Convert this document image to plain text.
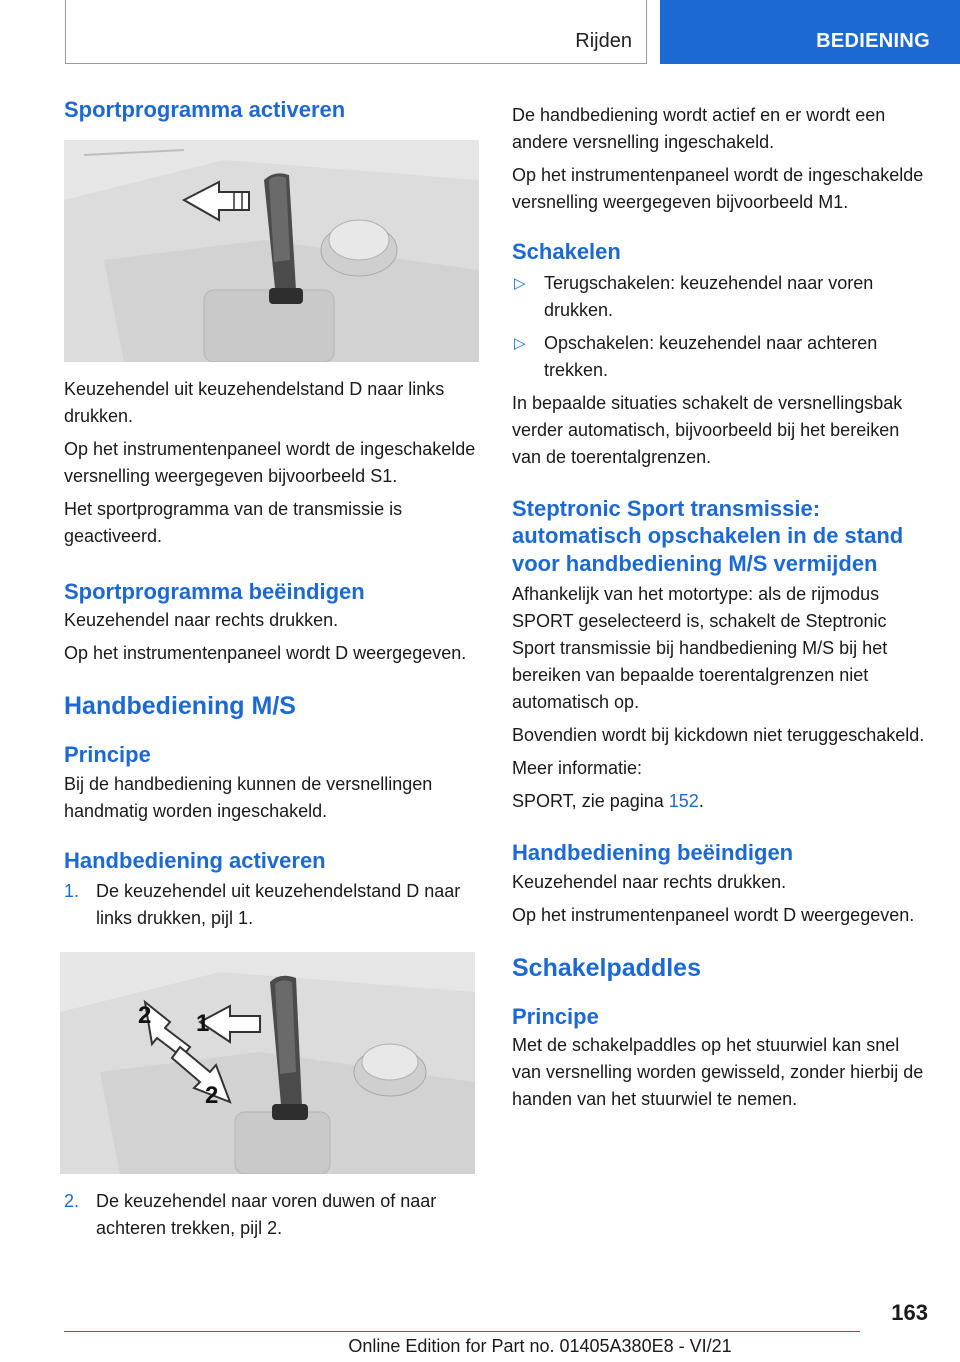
Rijden	BEDIENING
Sportprogramma activeren

Keuzehendel uit keuzehendelstand D naar links drukken.

Op het instrumentenpaneel wordt de ingeschakelde versnelling weergegeven bijvoorbeeld S1.

Het sportprogramma van de transmissie is geactiveerd.

Sportprogramma beëindigen

Keuzehendel naar rechts drukken.

Op het instrumentenpaneel wordt D weergegeven.

Handbediening M/S
Principe

Bij de handbediening kunnen de versnellingen handmatig worden ingeschakeld.

Handbediening activeren
1. De keuzehendel uit keuzehendelstand D naar links drukken, pijl 1.
2 1
2
2. De keuzehendel naar voren duwen of naar achteren trekken, pijl 2.

De handbediening wordt actief en er wordt een andere versnelling ingeschakeld.

Op het instrumentenpaneel wordt de ingeschakelde versnelling weergegeven bijvoorbeeld M1.

Schakelen
▷ Terugschakelen: keuzehendel naar voren drukken.
▷ Opschakelen: keuzehendel naar achteren trekken.

In bepaalde situaties schakelt de versnellingsbak verder automatisch, bijvoorbeeld bij het bereiken van de toerentalgrenzen.

Steptronic Sport transmissie: automatisch opschakelen in de stand voor handbediening M/S vermijden

Afhankelijk van het motortype: als de rijmodus SPORT geselecteerd is, schakelt de Steptronic Sport transmissie bij handbediening M/S bij het bereiken van bepaalde toerentalgrenzen niet automatisch op.

Bovendien wordt bij kickdown niet teruggeschakeld.

Meer informatie:

SPORT, zie pagina 152.

Handbediening beëindigen

Keuzehendel naar rechts drukken.

Op het instrumentenpaneel wordt D weergegeven.

Schakelpaddles
Principe

Met de schakelpaddles op het stuurwiel kan snel van versnelling worden gewisseld, zonder hierbij de handen van het stuurwiel te nemen.

163
Online Edition for Part no. 01405A380E8 - VI/21
